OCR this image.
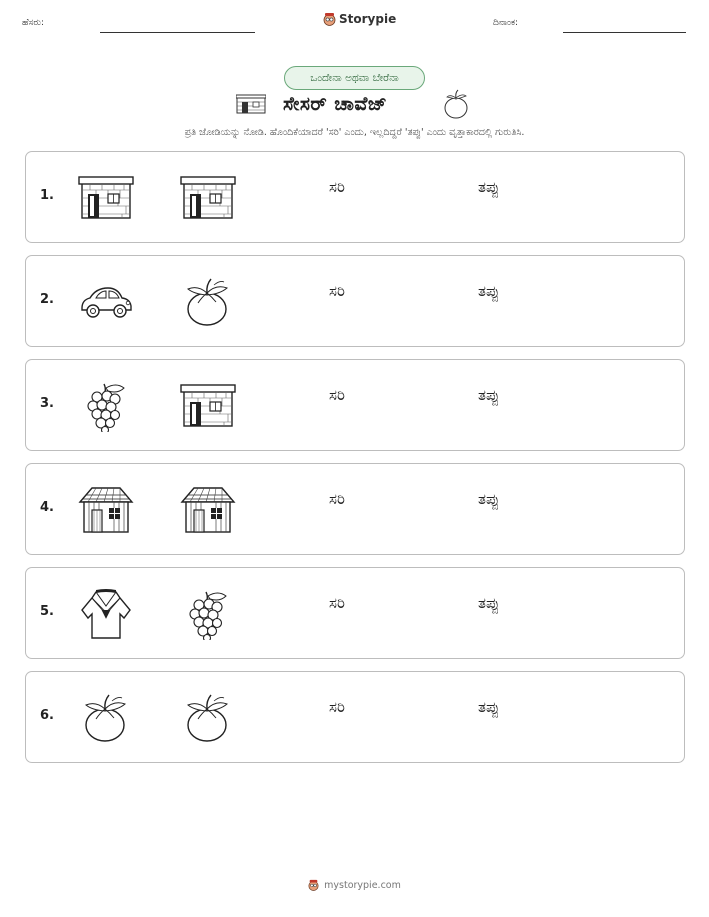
ಹೆಸರು:	Storypie	ದಿನಾಂಕ:
ಒಂದೇನಾ ಅಥವಾ ಬೇರೆನಾ
ಸೇಸರ್ ಚಾವೆಜ್
ಪ್ರತಿ ಜೋಡಿಯನ್ನು ನೋಡಿ. ಹೊಂದಿಕೆಯಾದರೆ 'ಸರಿ' ಎಂದು, ಇಲ್ಲದಿದ್ದರೆ 'ತಪ್ಪು' ಎಂದು ವೃತ್ತಾಕಾರದಲ್ಲಿ ಗುರುತಿಸಿ.
1.	ಸರಿ	ತಪ್ಪು
2.	ಸರಿ	ತಪ್ಪು
3.	ಸರಿ	ತಪ್ಪು
4.	ಸರಿ	ತಪ್ಪು
5.	ಸರಿ	ತಪ್ಪು
6.	ಸರಿ	ತಪ್ಪು
mystorypie.com
